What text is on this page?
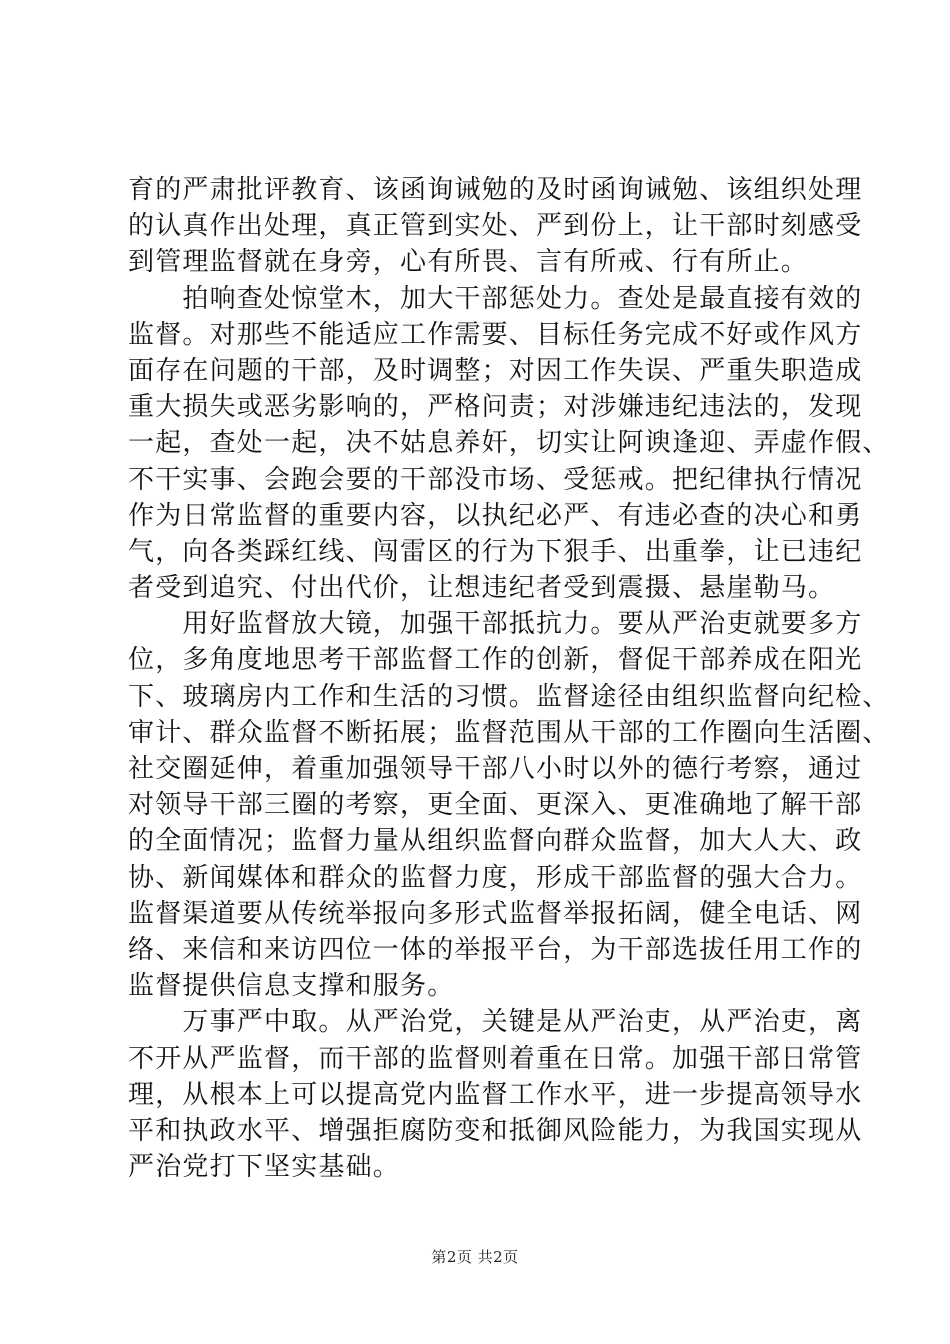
育的严肃批评教育、该函询诫勉的及时函询诫勉、该组织处理
的认真作出处理，真正管到实处、严到份上，让干部时刻感受
到管理监督就在身旁，心有所畏、言有所戒、行有所止。

　　拍响查处惊堂木，加大干部惩处力。查处是最直接有效的
监督。对那些不能适应工作需要、目标任务完成不好或作风方
面存在问题的干部，及时调整；对因工作失误、严重失职造成
重大损失或恶劣影响的，严格问责；对涉嫌违纪违法的，发现
一起，查处一起，决不姑息养奸，切实让阿谀逢迎、弄虚作假、
不干实事、会跑会要的干部没市场、受惩戒。把纪律执行情况
作为日常监督的重要内容，以执纪必严、有违必查的决心和勇
气，向各类踩红线、闯雷区的行为下狠手、出重拳，让已违纪
者受到追究、付出代价，让想违纪者受到震摄、悬崖勒马。

　　用好监督放大镜，加强干部抵抗力。要从严治吏就要多方
位，多角度地思考干部监督工作的创新，督促干部养成在阳光
下、玻璃房内工作和生活的习惯。监督途径由组织监督向纪检、
审计、群众监督不断拓展；监督范围从干部的工作圈向生活圈、
社交圈延伸，着重加强领导干部八小时以外的德行考察，通过
对领导干部三圈的考察，更全面、更深入、更准确地了解干部
的全面情况；监督力量从组织监督向群众监督，加大人大、政
协、新闻媒体和群众的监督力度，形成干部监督的强大合力。
监督渠道要从传统举报向多形式监督举报拓阔，健全电话、网
络、来信和来访四位一体的举报平台，为干部选拔任用工作的
监督提供信息支撑和服务。

　　万事严中取。从严治党，关键是从严治吏，从严治吏，离
不开从严监督，而干部的监督则着重在日常。加强干部日常管
理，从根本上可以提高党内监督工作水平，进一步提高领导水
平和执政水平、增强拒腐防变和抵御风险能力，为我国实现从
严治党打下坚实基础。

第2页 共2页
